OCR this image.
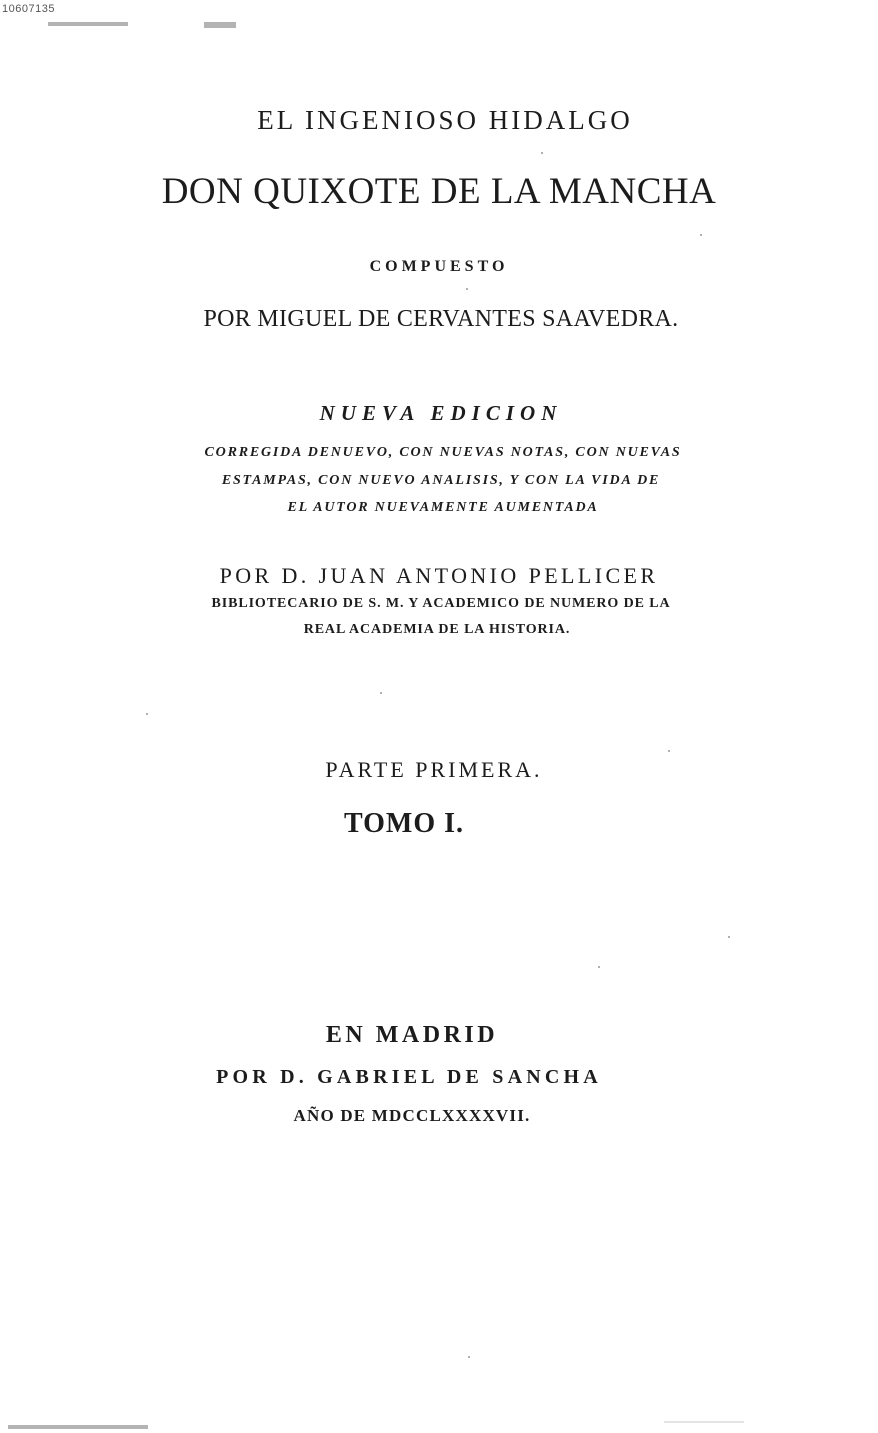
10607135
EL INGENIOSO HIDALGO
DON QUIXOTE DE LA MANCHA
COMPUESTO
POR MIGUEL DE CERVANTES SAAVEDRA.
NUEVA EDICION
CORREGIDA DENUEVO, CON NUEVAS NOTAS, CON NUEVAS
ESTAMPAS, CON NUEVO ANALISIS, Y CON LA VIDA DE
EL AUTOR NUEVAMENTE AUMENTADA
POR D. JUAN ANTONIO PELLICER
BIBLIOTECARIO DE S. M. Y ACADEMICO DE NUMERO DE LA
REAL ACADEMIA DE LA HISTORIA.
PARTE PRIMERA.
TOMO I.
EN MADRID
POR D. GABRIEL DE SANCHA
AÑO DE MDCCLXXXXVII.
